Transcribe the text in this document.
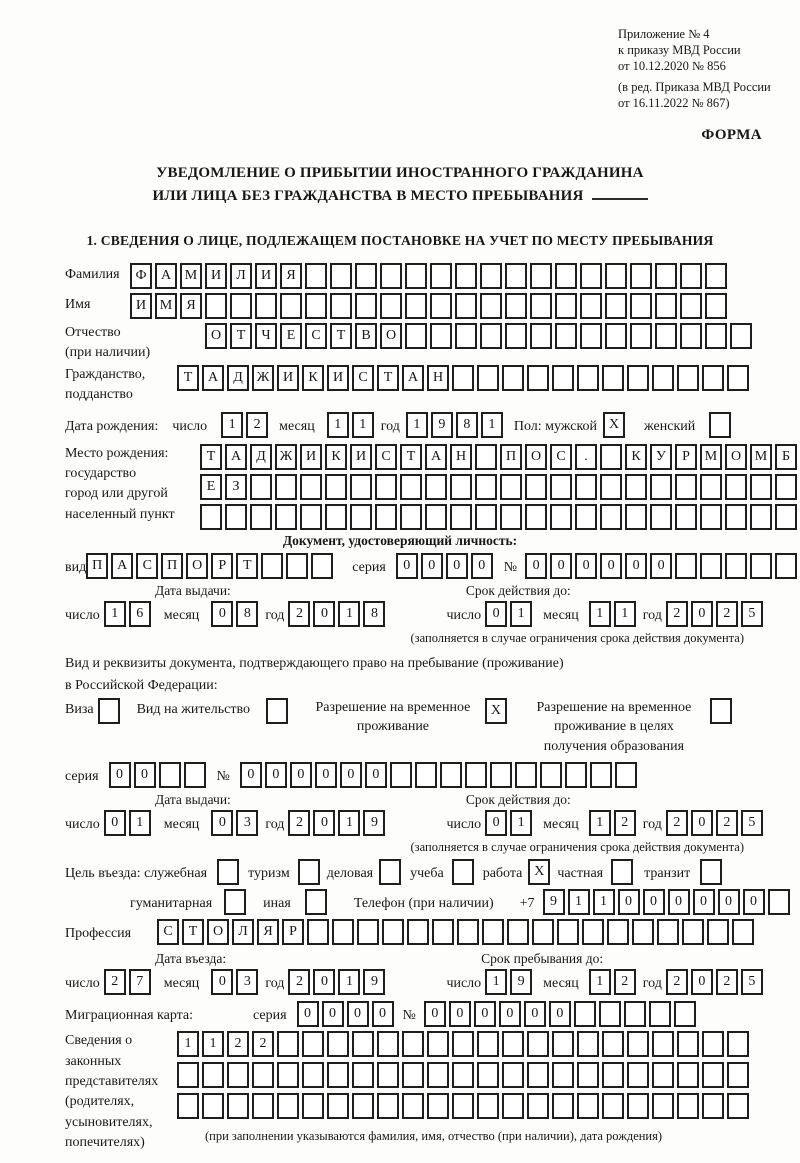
Приложение № 4
к приказу МВД России
от 10.12.2020 № 856
(в ред. Приказа МВД России
от 16.11.2022 № 867)
ФОРМА
УВЕДОМЛЕНИЕ О ПРИБЫТИИ ИНОСТРАННОГО ГРАЖДАНИНА
ИЛИ ЛИЦА БЕЗ ГРАЖДАНСТВА В МЕСТО ПРЕБЫВАНИЯ
1. СВЕДЕНИЯ О ЛИЦЕ, ПОДЛЕЖАЩЕМ ПОСТАНОВКЕ НА УЧЕТ ПО МЕСТУ ПРЕБЫВАНИЯ
Фамилия	Ф	А М И	Л	И	Я
Имя	И М	Я
Отчество
(при наличии)
О	Т	Ч	Е	С	Т	В	О
Гражданство,
подданство
Т	А	Д Ж И	К	И	С	Т	А	Н
Дата рождения: число	1	2	месяц	1	1	год 1	9	8	1	Пол: мужской X	женский
Место рождения:
государство
город или другой
населенный пункт
Т	А	Д Ж И	К	И	С	Т	А	Н	П	О	С	.	К	У	Р	М О М	Б
Е	З
Документ, удостоверяющий личность:
вид П	А	С	П	О	Р	Т	серия	0	0	0	0	№	0	0	0	0	0	0
Дата выдачи:	Срок действия до:
число 1	6	месяц	0	8	год 2	0	1	8	число 0	1	месяц	1	1	год 2	0	2	5
(заполняется в случае ограничения срока действия документа)
Вид и реквизиты документа, подтверждающего право на пребывание (проживание)
в Российской Федерации:
Виза	Вид на жительство	Разрешение на временное
проживание
X	Разрешение на временное
проживание в целях
получения образования
серия	0	0	№	0	0	0	0	0	0
Дата выдачи:	Срок действия до:
число 0	1	месяц	0	3	год 2	0	1	9	число 0	1	месяц	1	2	год 2	0	2	5
(заполняется в случае ограничения срока действия документа)
Цель въезда: служебная	туризм	деловая	учеба	работа X частная	транзит
гуманитарная	иная	Телефон (при наличии) +7	9	1	1	0	0	0	0	0	0
Профессия	С	Т	О	Л	Я	Р
Дата въезда:	Срок пребывания до:
число 2	7	месяц	0	3	год 2	0	1	9	число 1	9	месяц	1	2	год 2	0	2	5
Миграционная карта:	серия	0	0	0	0	№	0	0	0	0	0	0
Сведения о
законных
представителях
(родителях,
усыновителях,
попечителях)
1	1	2	2
(при заполнении указываются фамилия, имя, отчество (при наличии), дата рождения)
